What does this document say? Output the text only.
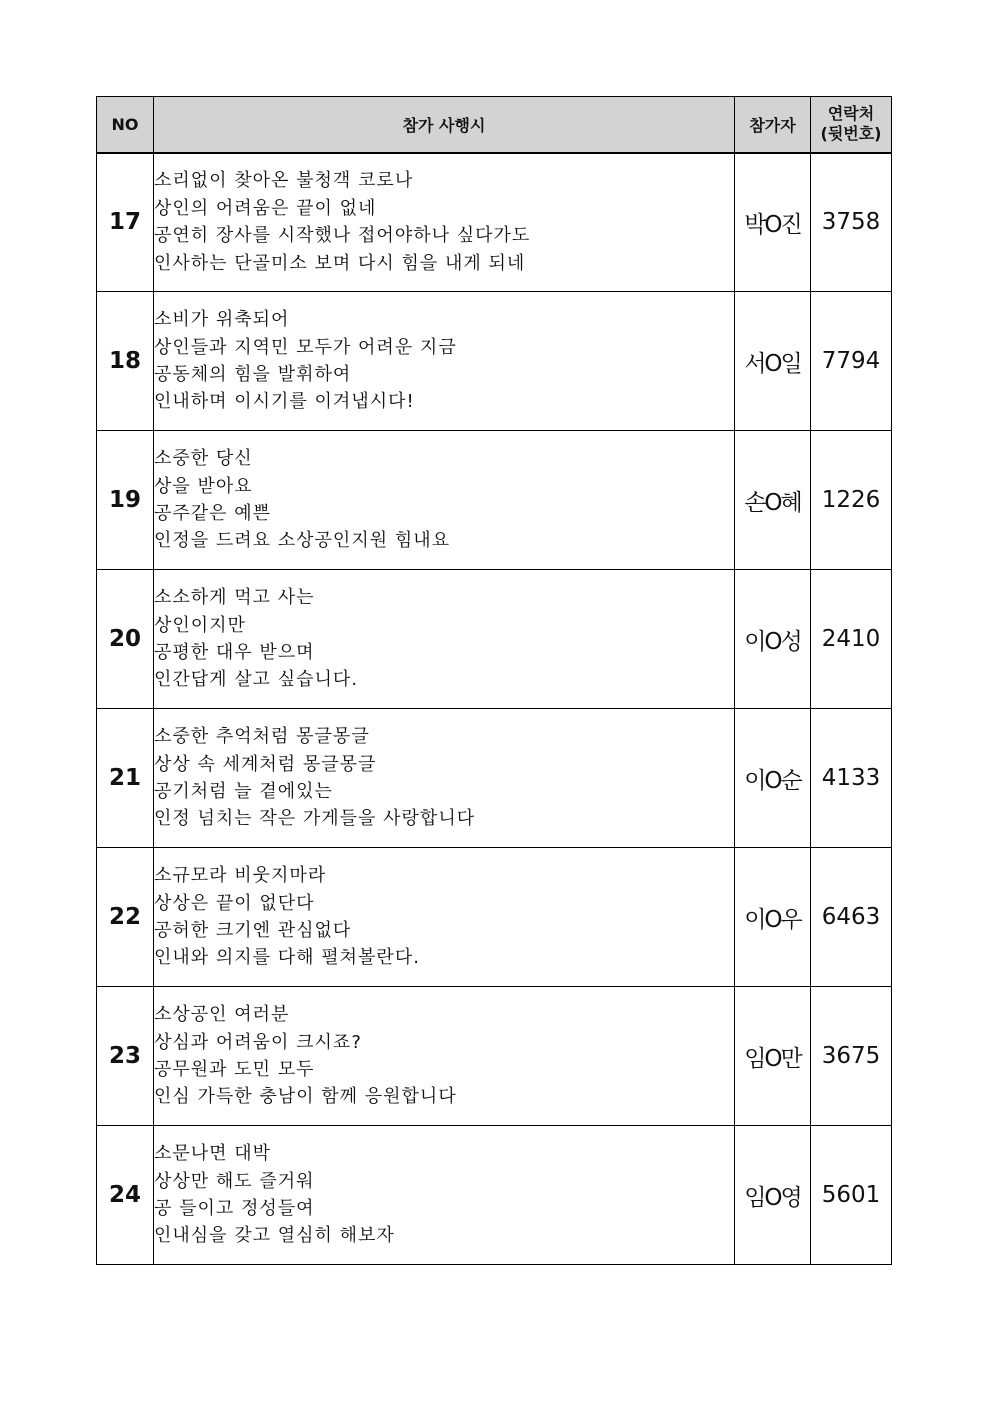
NO	참가 사행시	참가자	연락처
(뒷번호)

17	소리없이 찾아온 불청객 코로나
상인의 어려움은 끝이 없네
공연히 장사를 시작했나 접어야하나 싶다가도
인사하는 단골미소 보며 다시 힘을 내게 되네	박O진	3758
18	소비가 위축되어
상인들과 지역민 모두가 어려운 지금
공동체의 힘을 발휘하여
인내하며 이시기를 이겨냅시다!	서O일	7794
19	소중한 당신
상을 받아요
공주같은 예쁜
인정을 드려요 소상공인지원 힘내요	손O혜	1226
20	소소하게 먹고 사는
상인이지만
공평한 대우 받으며
인간답게 살고 싶습니다.	이O성	2410
21	소중한 추억처럼 몽글몽글
상상 속 세계처럼 몽글몽글
공기처럼 늘 곁에있는
인정 넘치는 작은 가게들을 사랑합니다	이O순	4133
22	소규모라 비웃지마라
상상은 끝이 없단다
공허한 크기엔 관심없다
인내와 의지를 다해 펼쳐볼란다.	이O우	6463
23	소상공인 여러분
상심과 어려움이 크시죠?
공무원과 도민 모두
인심 가득한 충남이 함께 응원합니다	임O만	3675
24	소문나면 대박
상상만 해도 즐거워
공 들이고 정성들여
인내심을 갖고 열심히 해보자	임O영	5601
